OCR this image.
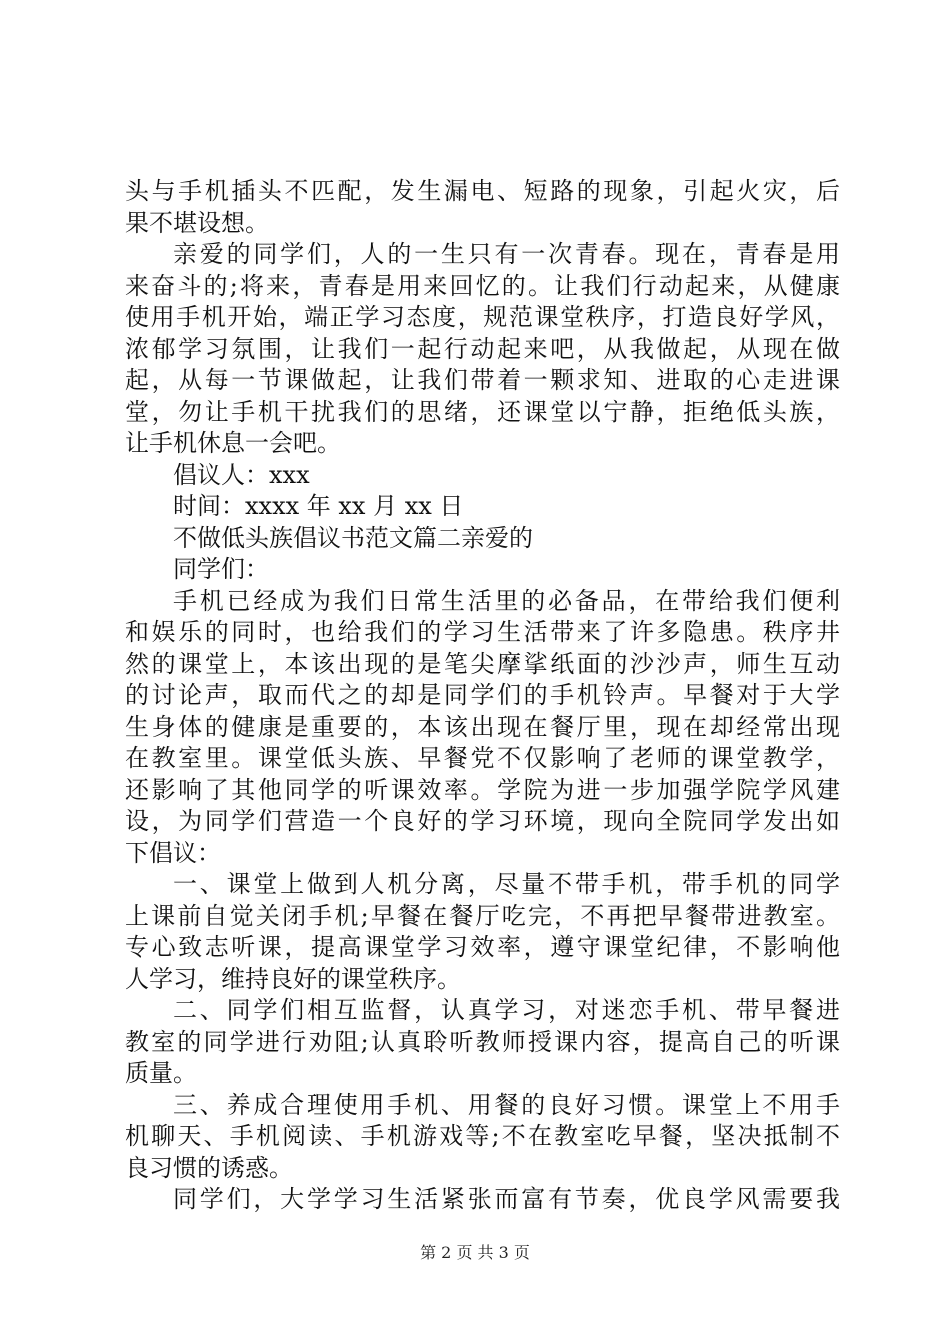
头与手机插头不匹配，发生漏电、短路的现象，引起火灾，后
果不堪设想。
亲爱的同学们，人的一生只有一次青春。现在，青春是用
来奋斗的;将来，青春是用来回忆的。让我们行动起来，从健康
使用手机开始，端正学习态度，规范课堂秩序，打造良好学风，
浓郁学习氛围，让我们一起行动起来吧，从我做起，从现在做
起，从每一节课做起，让我们带着一颗求知、进取的心走进课
堂，勿让手机干扰我们的思绪，还课堂以宁静，拒绝低头族，
让手机休息一会吧。
倡议人：xxx
时间：xxxx 年 xx 月 xx 日
不做低头族倡议书范文篇二亲爱的
同学们：
手机已经成为我们日常生活里的必备品，在带给我们便利
和娱乐的同时，也给我们的学习生活带来了许多隐患。秩序井
然的课堂上，本该出现的是笔尖摩挲纸面的沙沙声，师生互动
的讨论声，取而代之的却是同学们的手机铃声。早餐对于大学
生身体的健康是重要的，本该出现在餐厅里，现在却经常出现
在教室里。课堂低头族、早餐党不仅影响了老师的课堂教学，
还影响了其他同学的听课效率。学院为进一步加强学院学风建
设，为同学们营造一个良好的学习环境，现向全院同学发出如
下倡议：
一、课堂上做到人机分离，尽量不带手机，带手机的同学
上课前自觉关闭手机;早餐在餐厅吃完，不再把早餐带进教室。
专心致志听课，提高课堂学习效率，遵守课堂纪律，不影响他
人学习，维持良好的课堂秩序。
二、同学们相互监督，认真学习，对迷恋手机、带早餐进
教室的同学进行劝阻;认真聆听教师授课内容，提高自己的听课
质量。
三、养成合理使用手机、用餐的良好习惯。课堂上不用手
机聊天、手机阅读、手机游戏等;不在教室吃早餐，坚决抵制不
良习惯的诱惑。
同学们，大学学习生活紧张而富有节奏，优良学风需要我
第 2 页 共 3 页
